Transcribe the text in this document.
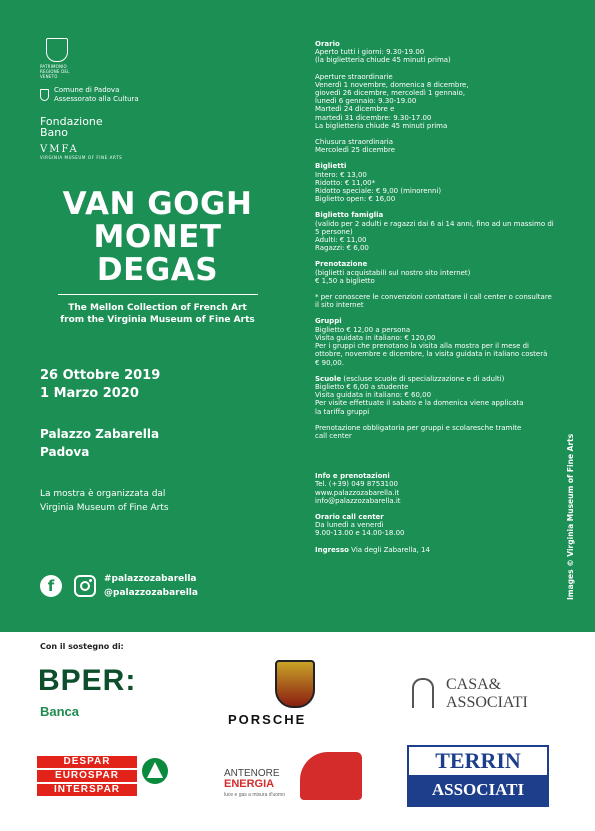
PATRIMONIO REGIONE DEL VENETO
Comune di Padova
Assessorato alla Cultura
Fondazione Bano
VMFA
VIRGINIA MUSEUM OF FINE ARTS
VAN GOGH
MONET
DEGAS
The Mellon Collection of French Art
from the Virginia Museum of Fine Arts
26 Ottobre 2019
1 Marzo 2020
Palazzo Zabarella
Padova
La mostra è organizzata dal
Virginia Museum of Fine Arts
f	#palazzozabarella
@palazzozabarella
Orario
Aperto tutti i giorni: 9.30-19.00
(la biglietteria chiude 45 minuti prima)
Aperture straordinarie
Venerdì 1 novembre, domenica 8 dicembre,
giovedì 26 dicembre, mercoledì 1 gennaio,
lunedì 6 gennaio: 9.30-19.00
Martedì 24 dicembre e
martedì 31 dicembre: 9.30-17.00
La biglietteria chiude 45 minuti prima
Chiusura straordinaria
Mercoledì 25 dicembre
Biglietti
Intero: € 13,00
Ridotto: € 11,00*
Ridotto speciale: € 9,00 (minorenni)
Biglietto open: € 16,00
Biglietto famiglia
(valido per 2 adulti e ragazzi dai 6 ai 14 anni, fino ad un massimo di
5 persone)
Adulti: € 11,00
Ragazzi: € 6,00
Prenotazione
(biglietti acquistabili sul nostro sito internet)
€ 1,50 a biglietto
* per conoscere le convenzioni contattare il call center o consultare
il sito internet
Gruppi
Biglietto € 12,00 a persona
Visita guidata in italiano: € 120,00
Per i gruppi che prenotano la visita alla mostra per il mese di
ottobre, novembre e dicembre, la visita guidata in italiano costerà
€ 90,00.
Scuole (escluse scuole di specializzazione e di adulti)
Biglietto € 6,00 a studente
Visita guidata in italiano: € 60,00
Per visite effettuate il sabato e la domenica viene applicata
la tariffa gruppi
Prenotazione obbligatoria per gruppi e scolaresche tramite
call center
Info e prenotazioni
Tel. (+39) 049 8753100
www.palazzozabarella.it
info@palazzozabarella.it
Orario call center
Da lunedì a venerdì
9.00-13.00 e 14.00-18.00
Ingresso Via degli Zabarella, 14	Images © Virginia Museum of Fine Arts
Con il sostegno di:
BPER:
Banca
PORSCHE
CASA&
ASSOCIATI
DESPAR
EUROSPAR
INTERSPAR
ANTENORE
ENERGIA
luce e gas a misura d'uomo
TERRIN
ASSOCIATI
